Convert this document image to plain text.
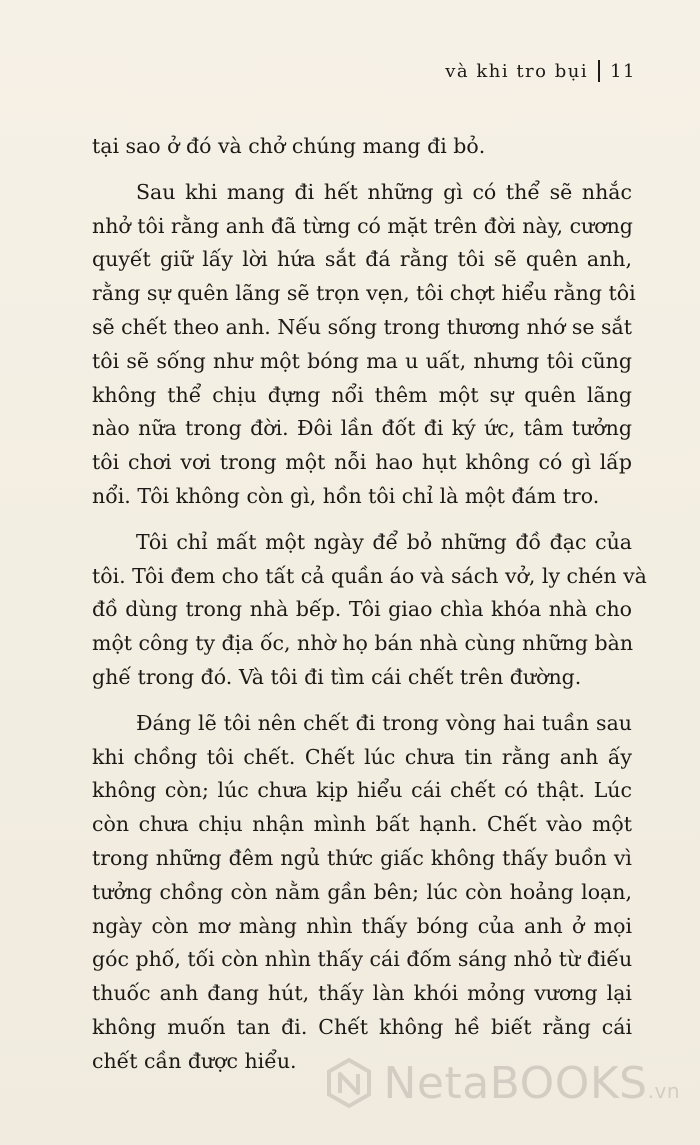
và khi tro bụi 11

tại sao ở đó và chở chúng mang đi bỏ.

Sau khi mang đi hết những gì có thể sẽ nhắc
nhở tôi rằng anh đã từng có mặt trên đời này, cương
quyết giữ lấy lời hứa sắt đá rằng tôi sẽ quên anh,
rằng sự quên lãng sẽ trọn vẹn, tôi chợt hiểu rằng tôi
sẽ chết theo anh. Nếu sống trong thương nhớ se sắt
tôi sẽ sống như một bóng ma u uất, nhưng tôi cũng
không thể chịu đựng nổi thêm một sự quên lãng
nào nữa trong đời. Đôi lần đốt đi ký ức, tâm tưởng
tôi chơi vơi trong một nỗi hao hụt không có gì lấp
nổi. Tôi không còn gì, hồn tôi chỉ là một đám tro.

Tôi chỉ mất một ngày để bỏ những đồ đạc của
tôi. Tôi đem cho tất cả quần áo và sách vở, ly chén và
đồ dùng trong nhà bếp. Tôi giao chìa khóa nhà cho
một công ty địa ốc, nhờ họ bán nhà cùng những bàn
ghế trong đó. Và tôi đi tìm cái chết trên đường.

Đáng lẽ tôi nên chết đi trong vòng hai tuần sau
khi chồng tôi chết. Chết lúc chưa tin rằng anh ấy
không còn; lúc chưa kịp hiểu cái chết có thật. Lúc
còn chưa chịu nhận mình bất hạnh. Chết vào một
trong những đêm ngủ thức giấc không thấy buồn vì
tưởng chồng còn nằm gần bên; lúc còn hoảng loạn,
ngày còn mơ màng nhìn thấy bóng của anh ở mọi
góc phố, tối còn nhìn thấy cái đốm sáng nhỏ từ điếu
thuốc anh đang hút, thấy làn khói mỏng vương lại
không muốn tan đi. Chết không hề biết rằng cái
chết cần được hiểu.	NetaBOOKS.vn
